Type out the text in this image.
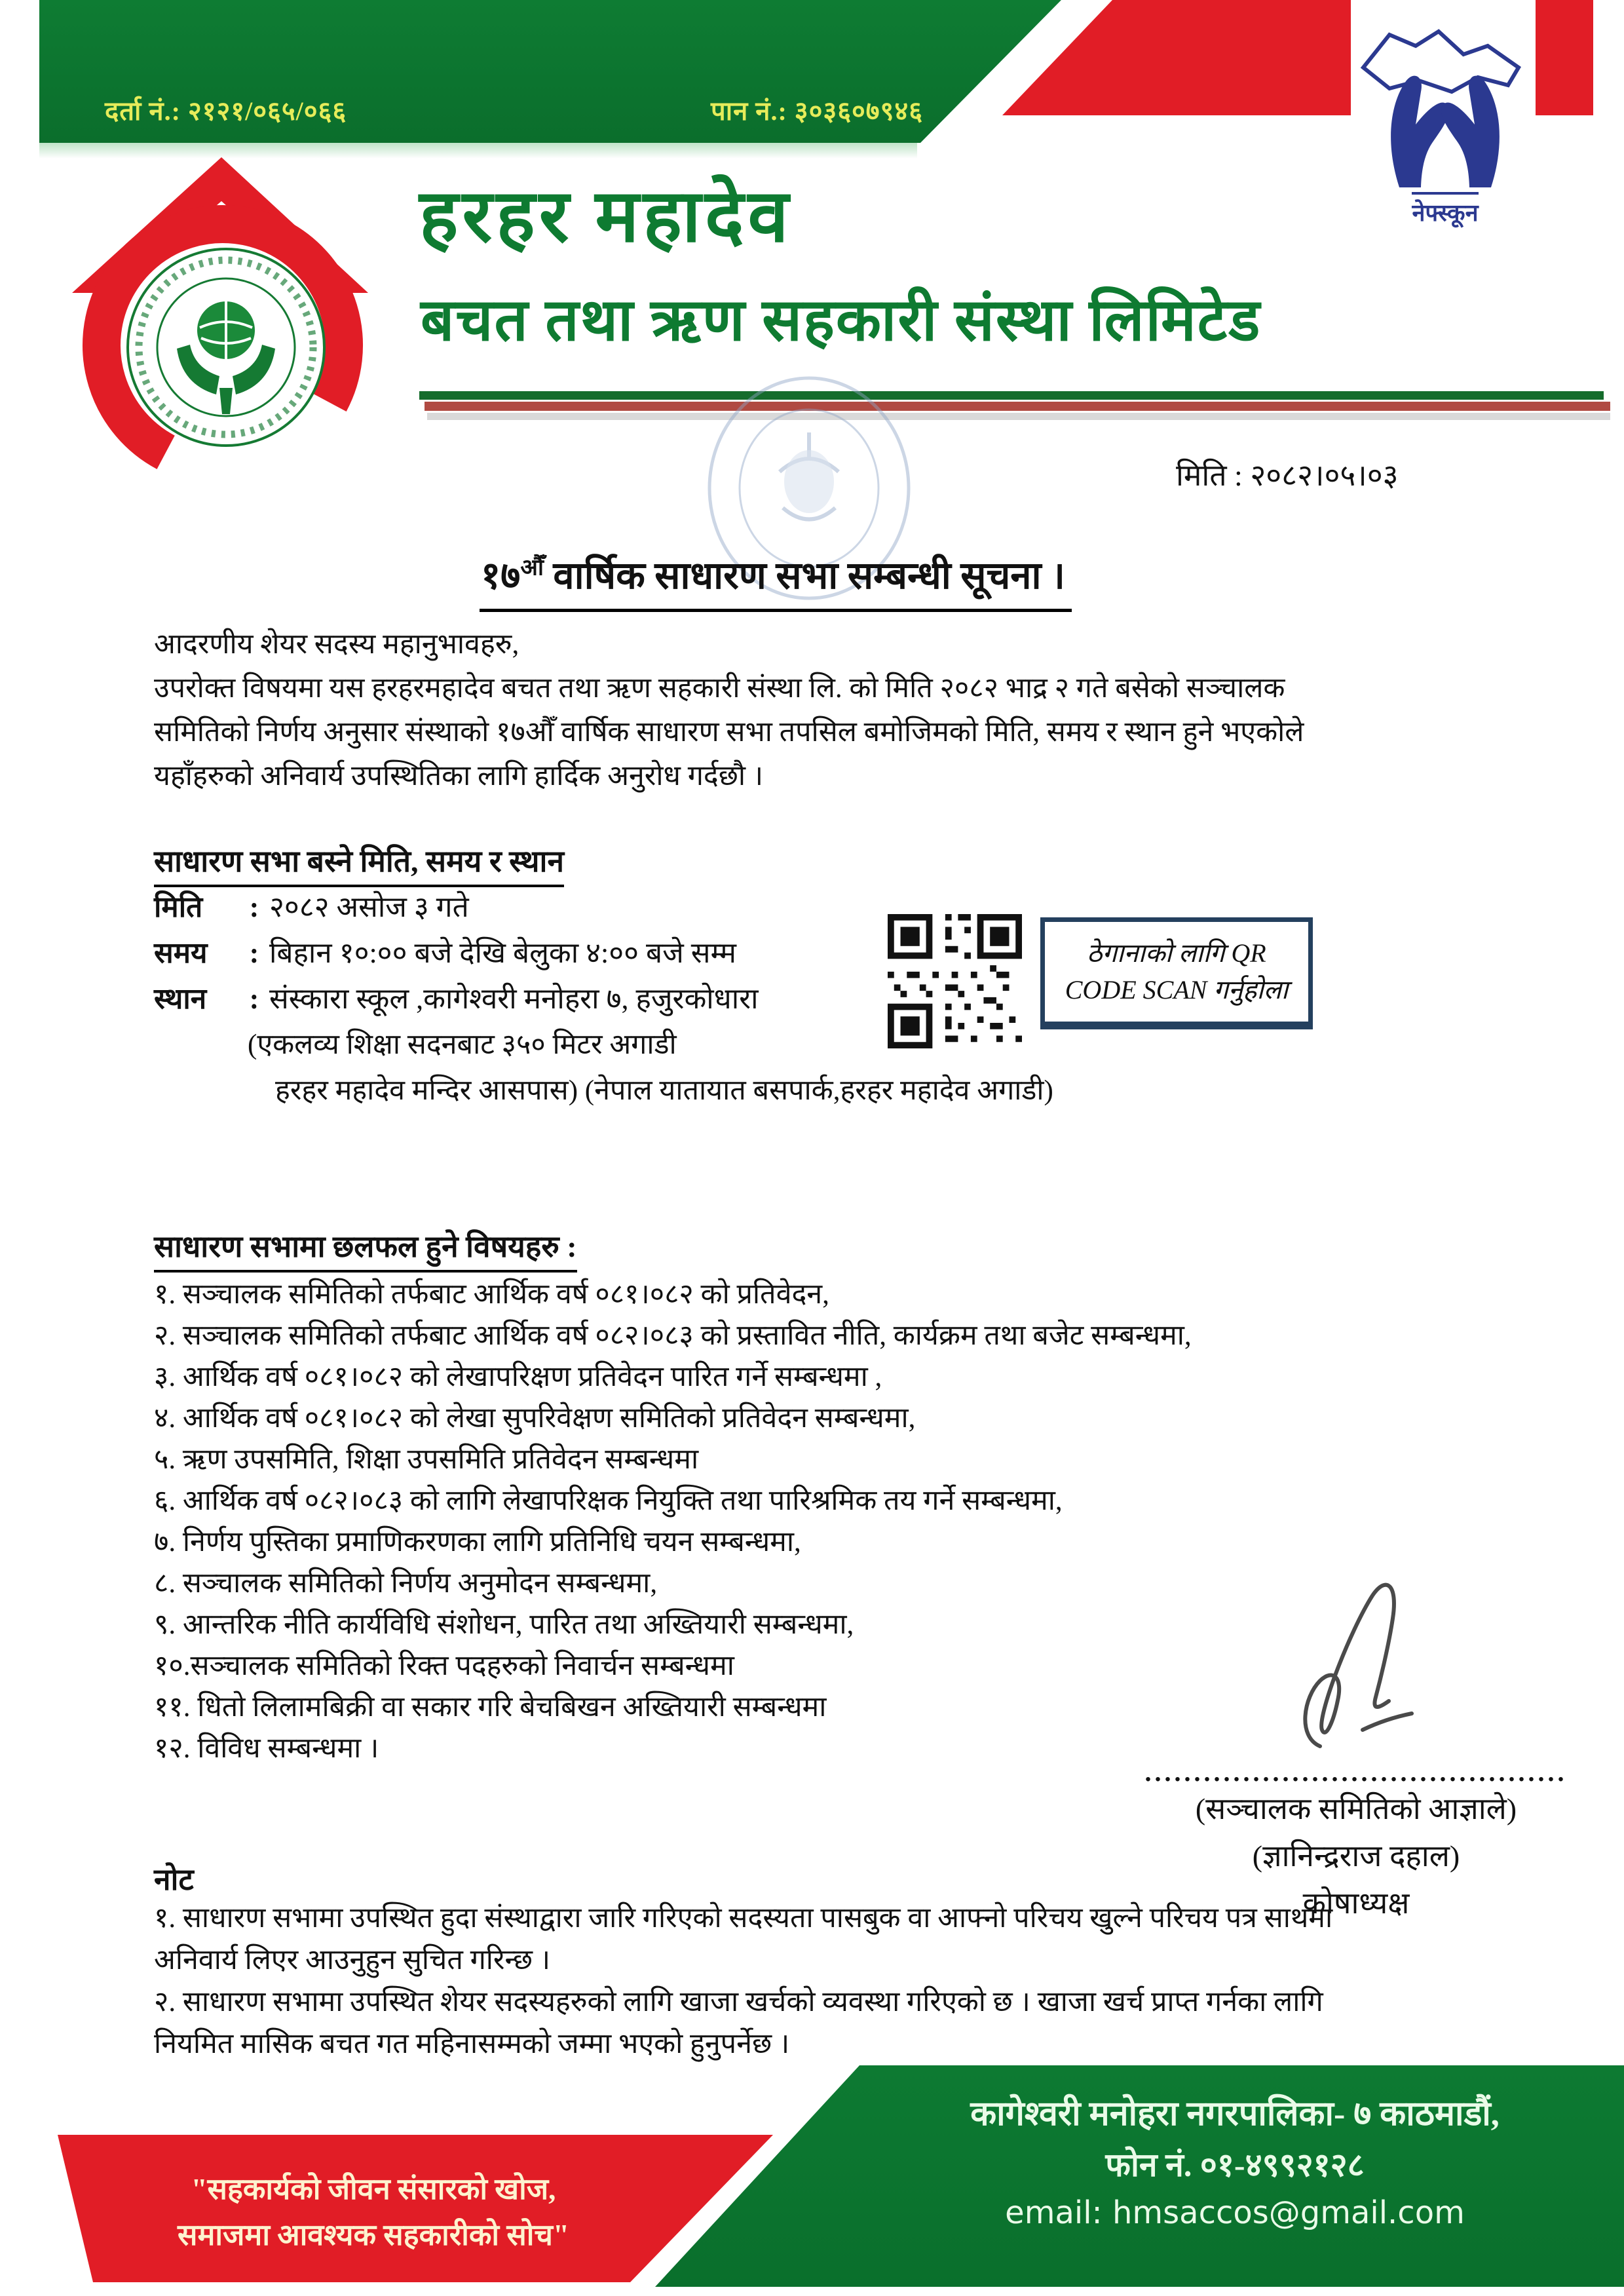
दर्ता नं.: २१२१/०६५/०६६	पान नं.: ३०३६०७९४६
नेफ्स्कून
हरहर महादेव
बचत तथा ऋण सहकारी संस्था लिमिटेड
मिति : २०८२।०५।०३
$१७^{औँ}$ वार्षिक साधारण सभा सम्बन्धी सूचना ।
आदरणीय शेयर सदस्य महानुभावहरु,
उपरोक्त विषयमा यस हरहरमहादेव बचत तथा ऋण सहकारी संस्था लि. को मिति २०८२ भाद्र २ गते बसेको सञ्चालक
समितिको निर्णय अनुसार संस्थाको १७औँ वार्षिक साधारण सभा तपसिल बमोजिमको मिति, समय र स्थान हुने भएकोले
यहाँहरुको अनिवार्य उपस्थितिका लागि हार्दिक अनुरोध गर्दछौ ।
साधारण सभा बस्ने मिति, समय र स्थान
मिति : २०८२ असोज ३ गते
समय : बिहान १०:०० बजे देखि बेलुका ४:०० बजे सम्म
स्थान : संस्कारा स्कूल ,कागेश्वरी मनोहरा ७, हजुरकोधारा
(एकलव्य शिक्षा सदनबाट ३५० मिटर अगाडी
हरहर महादेव मन्दिर आसपास) (नेपाल यातायात बसपार्क,हरहर महादेव अगाडी)
ठेगानाको लागि QR
CODE SCAN गर्नुहोला
साधारण सभामा छलफल हुने विषयहरु :
१. सञ्चालक समितिको तर्फबाट आर्थिक वर्ष ०८१।०८२ को प्रतिवेदन,
२. सञ्चालक समितिको तर्फबाट आर्थिक वर्ष ०८२।०८३ को प्रस्तावित नीति, कार्यक्रम तथा बजेट सम्बन्धमा,
३. आर्थिक वर्ष ०८१।०८२ को लेखापरिक्षण प्रतिवेदन पारित गर्ने सम्बन्धमा ,
४. आर्थिक वर्ष ०८१।०८२ को लेखा सुपरिवेक्षण समितिको प्रतिवेदन सम्बन्धमा,
५. ऋण उपसमिति, शिक्षा उपसमिति प्रतिवेदन सम्बन्धमा
६. आर्थिक वर्ष ०८२।०८३ को लागि लेखापरिक्षक नियुक्ति तथा पारिश्रमिक तय गर्ने सम्बन्धमा,
७. निर्णय पुस्तिका प्रमाणिकरणका लागि प्रतिनिधि चयन सम्बन्धमा,
८. सञ्चालक समितिको निर्णय अनुमोदन सम्बन्धमा,
९. आन्तरिक नीति कार्यविधि संशोधन, पारित तथा अख्तियारी सम्बन्धमा,
१०.सञ्चालक समितिको रिक्त पदहरुको निवार्चन सम्बन्धमा
११. धितो लिलामबिक्री वा सकार गरि बेचबिखन अख्तियारी सम्बन्धमा
१२. विविध सम्बन्धमा ।
...........................................
(सञ्चालक समितिको आज्ञाले)
(ज्ञानिन्द्रराज दहाल)
कोषाध्यक्ष
नोट
१. साधारण सभामा उपस्थित हुदा संस्थाद्वारा जारि गरिएको सदस्यता पासबुक वा आफ्नो परिचय खुल्ने परिचय पत्र साथमा
अनिवार्य लिएर आउनुहुन सुचित गरिन्छ ।
२. साधारण सभामा उपस्थित शेयर सदस्यहरुको लागि खाजा खर्चको व्यवस्था गरिएको छ । खाजा खर्च प्राप्त गर्नका लागि
नियमित मासिक बचत गत महिनासम्मको जम्मा भएको हुनुपर्नेछ ।
कागेश्वरी मनोहरा नगरपालिका- ७ काठमाडौं,
फोन नं. ०१-४९९२१२८
email: hmsaccos@gmail.com
"सहकार्यको जीवन संसारको खोज,
समाजमा आवश्यक सहकारीको सोच"
